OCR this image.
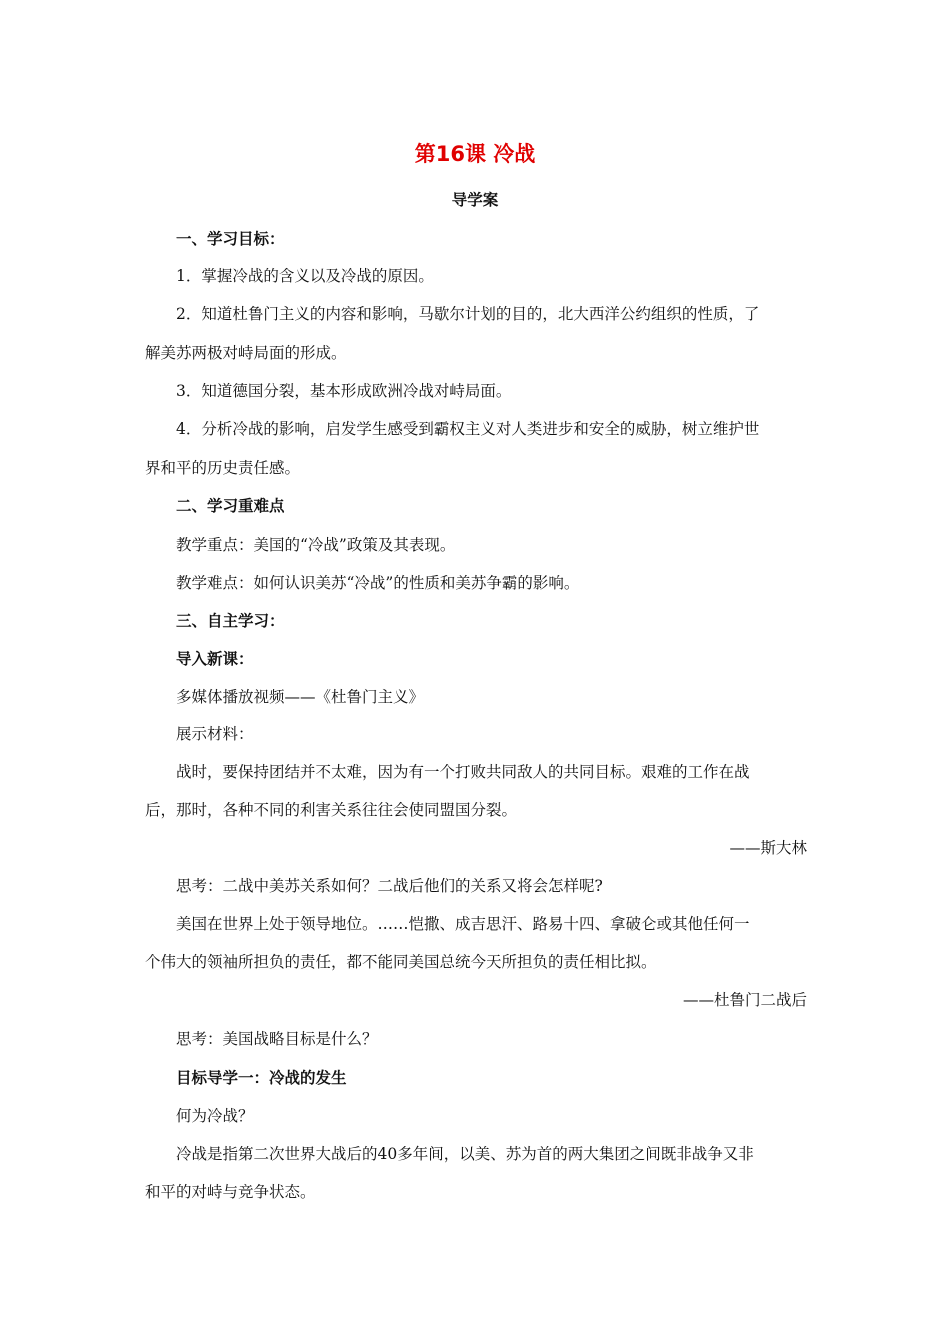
第16课 冷战
导学案
一、学习目标：
1．掌握冷战的含义以及冷战的原因。
2．知道杜鲁门主义的内容和影响，马歇尔计划的目的，北大西洋公约组织的性质，了
解美苏两极对峙局面的形成。
3．知道德国分裂，基本形成欧洲冷战对峙局面。
4．分析冷战的影响，启发学生感受到霸权主义对人类进步和安全的威胁，树立维护世
界和平的历史责任感。
二、学习重难点
教学重点：美国的“冷战”政策及其表现。
教学难点：如何认识美苏“冷战”的性质和美苏争霸的影响。
三、自主学习：
导入新课：
多媒体播放视频——《杜鲁门主义》
展示材料：
战时，要保持团结并不太难，因为有一个打败共同敌人的共同目标。艰难的工作在战
后，那时，各种不同的利害关系往往会使同盟国分裂。
——斯大林
思考：二战中美苏关系如何？二战后他们的关系又将会怎样呢?
美国在世界上处于领导地位。……恺撒、成吉思汗、路易十四、拿破仑或其他任何一
个伟大的领袖所担负的责任，都不能同美国总统今天所担负的责任相比拟。
——杜鲁门二战后
思考：美国战略目标是什么？
目标导学一：冷战的发生
何为冷战？
冷战是指第二次世界大战后的40多年间，以美、苏为首的两大集团之间既非战争又非
和平的对峙与竞争状态。
